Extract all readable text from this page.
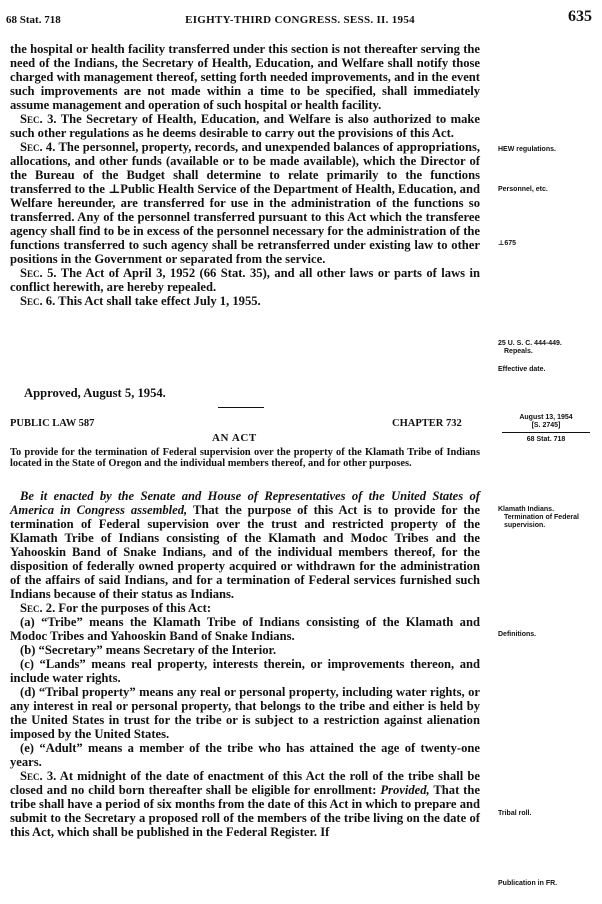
68 Stat. 718	EIGHTY-THIRD CONGRESS. SESS. II. 1954	635

the hospital or health facility transferred under this section is not thereafter serving the need of the Indians, the Secretary of Health, Education, and Welfare shall notify those charged with management thereof, setting forth needed improvements, and in the event such improvements are not made within a time to be specified, shall immediately assume management and operation of such hospital or health facility.

Sec. 3. The Secretary of Health, Education, and Welfare is also authorized to make such other regulations as he deems desirable to carry out the provisions of this Act.

Sec. 4. The personnel, property, records, and unexpended balances of appropriations, allocations, and other funds (available or to be made available), which the Director of the Bureau of the Budget shall determine to relate primarily to the functions transferred to the ⊥Public Health Service of the Department of Health, Education, and Welfare hereunder, are transferred for use in the administration of the functions so transferred. Any of the personnel transferred pursuant to this Act which the transferee agency shall find to be in excess of the personnel necessary for the administration of the functions transferred to such agency shall be retransferred under existing law to other positions in the Government or separated from the service.

Sec. 5. The Act of April 3, 1952 (66 Stat. 35), and all other laws or parts of laws in conflict herewith, are hereby repealed.

Sec. 6. This Act shall take effect July 1, 1955.

Approved, August 5, 1954.
HEW regulations.
Personnel, etc.
⊥675
25 U. S. C. 444-449.
Repeals.
Effective date.
PUBLIC LAW 587	CHAPTER 732
AN ACT
August 13, 1954
[S. 2745]
68 Stat. 718
To provide for the termination of Federal supervision over the property of the Klamath Tribe of Indians located in the State of Oregon and the individual members thereof, and for other purposes.

Be it enacted by the Senate and House of Representatives of the United States of America in Congress assembled, That the purpose of this Act is to provide for the termination of Federal supervision over the trust and restricted property of the Klamath Tribe of Indians consisting of the Klamath and Modoc Tribes and the Yahooskin Band of Snake Indians, and of the individual members thereof, for the disposition of federally owned property acquired or withdrawn for the administration of the affairs of said Indians, and for a termination of Federal services furnished such Indians because of their status as Indians.

Sec. 2. For the purposes of this Act:

(a) “Tribe” means the Klamath Tribe of Indians consisting of the Klamath and Modoc Tribes and Yahooskin Band of Snake Indians.

(b) “Secretary” means Secretary of the Interior.

(c) “Lands” means real property, interests therein, or improvements thereon, and include water rights.

(d) “Tribal property” means any real or personal property, including water rights, or any interest in real or personal property, that belongs to the tribe and either is held by the United States in trust for the tribe or is subject to a restriction against alienation imposed by the United States.

(e) “Adult” means a member of the tribe who has attained the age of twenty-one years.

Sec. 3. At midnight of the date of enactment of this Act the roll of the tribe shall be closed and no child born thereafter shall be eligible for enrollment: Provided, That the tribe shall have a period of six months from the date of this Act in which to prepare and submit to the Secretary a proposed roll of the members of the tribe living on the date of this Act, which shall be published in the Federal Register. If

Klamath Indians.
Termination of Federal supervision.
Definitions.
Tribal roll.
Publication in FR.
